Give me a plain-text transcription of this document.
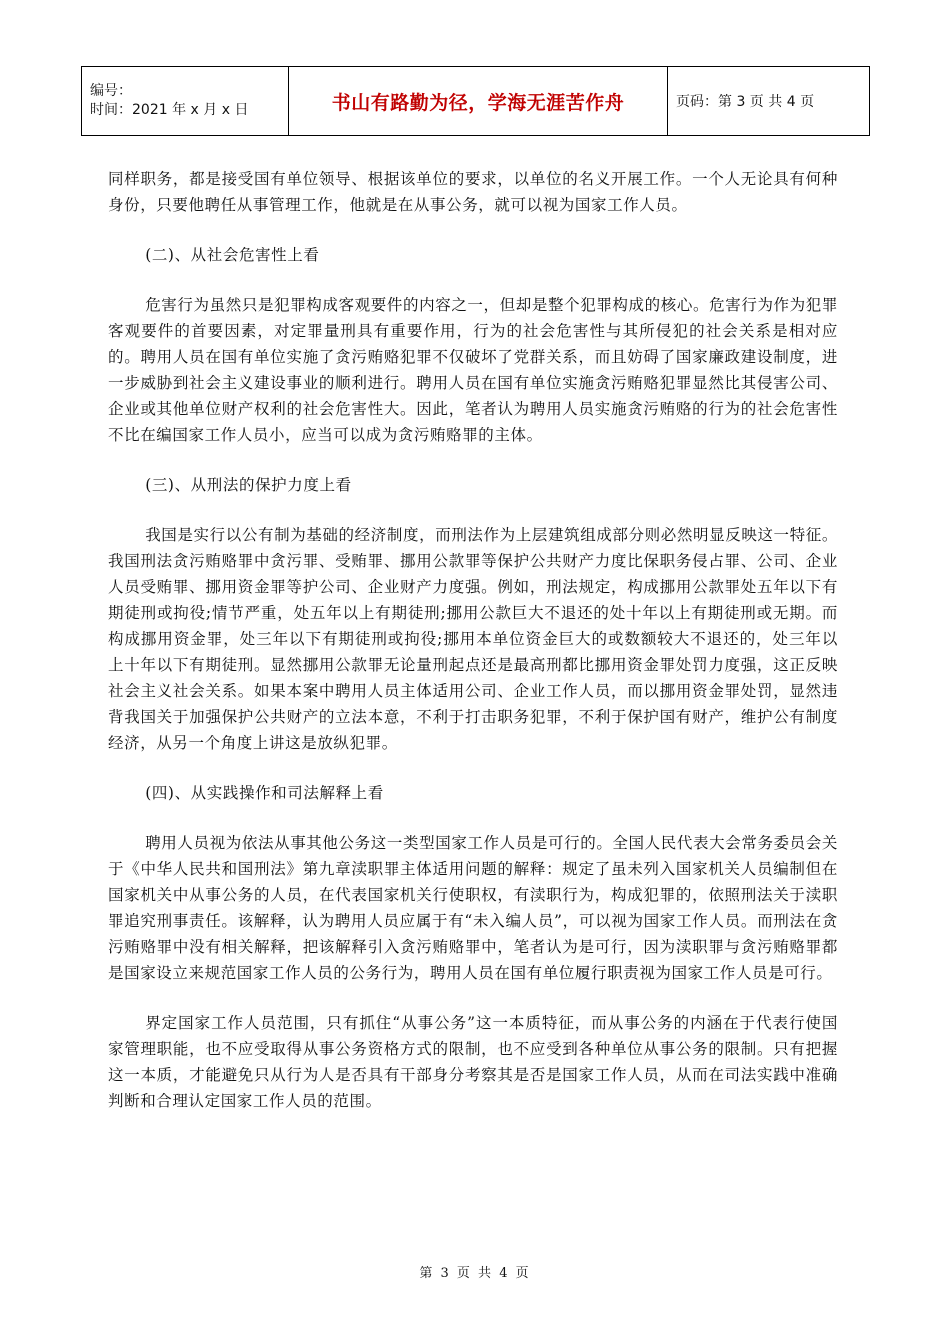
编号：
时间：2021 年 x 月 x 日	书山有路勤为径，学海无涯苦作舟	页码：第 3 页 共 4 页

同样职务，都是接受国有单位领导、根据该单位的要求，以单位的名义开展工作。一个人无论具有何种身份，只要他聘任从事管理工作，他就是在从事公务，就可以视为国家工作人员。

(二)、从社会危害性上看

危害行为虽然只是犯罪构成客观要件的内容之一，但却是整个犯罪构成的核心。危害行为作为犯罪客观要件的首要因素，对定罪量刑具有重要作用，行为的社会危害性与其所侵犯的社会关系是相对应的。聘用人员在国有单位实施了贪污贿赂犯罪不仅破坏了党群关系，而且妨碍了国家廉政建设制度，进一步威胁到社会主义建设事业的顺利进行。聘用人员在国有单位实施贪污贿赂犯罪显然比其侵害公司、企业或其他单位财产权利的社会危害性大。因此，笔者认为聘用人员实施贪污贿赂的行为的社会危害性不比在编国家工作人员小，应当可以成为贪污贿赂罪的主体。

(三)、从刑法的保护力度上看

我国是实行以公有制为基础的经济制度，而刑法作为上层建筑组成部分则必然明显反映这一特征。我国刑法贪污贿赂罪中贪污罪、受贿罪、挪用公款罪等保护公共财产力度比保职务侵占罪、公司、企业人员受贿罪、挪用资金罪等护公司、企业财产力度强。例如，刑法规定，构成挪用公款罪处五年以下有期徒刑或拘役;情节严重，处五年以上有期徒刑;挪用公款巨大不退还的处十年以上有期徒刑或无期。而构成挪用资金罪，处三年以下有期徒刑或拘役;挪用本单位资金巨大的或数额较大不退还的，处三年以上十年以下有期徒刑。显然挪用公款罪无论量刑起点还是最高刑都比挪用资金罪处罚力度强，这正反映社会主义社会关系。如果本案中聘用人员主体适用公司、企业工作人员，而以挪用资金罪处罚，显然违背我国关于加强保护公共财产的立法本意，不利于打击职务犯罪，不利于保护国有财产，维护公有制度经济，从另一个角度上讲这是放纵犯罪。

(四)、从实践操作和司法解释上看

聘用人员视为依法从事其他公务这一类型国家工作人员是可行的。全国人民代表大会常务委员会关于《中华人民共和国刑法》第九章渎职罪主体适用问题的解释：规定了虽未列入国家机关人员编制但在国家机关中从事公务的人员，在代表国家机关行使职权，有渎职行为，构成犯罪的，依照刑法关于渎职罪追究刑事责任。该解释，认为聘用人员应属于有“未入编人员”，可以视为国家工作人员。而刑法在贪污贿赂罪中没有相关解释，把该解释引入贪污贿赂罪中，笔者认为是可行，因为渎职罪与贪污贿赂罪都是国家设立来规范国家工作人员的公务行为，聘用人员在国有单位履行职责视为国家工作人员是可行。

界定国家工作人员范围，只有抓住“从事公务”这一本质特征，而从事公务的内涵在于代表行使国家管理职能，也不应受取得从事公务资格方式的限制，也不应受到各种单位从事公务的限制。只有把握这一本质，才能避免只从行为人是否具有干部身分考察其是否是国家工作人员，从而在司法实践中准确判断和合理认定国家工作人员的范围。

第 3 页 共 4 页
